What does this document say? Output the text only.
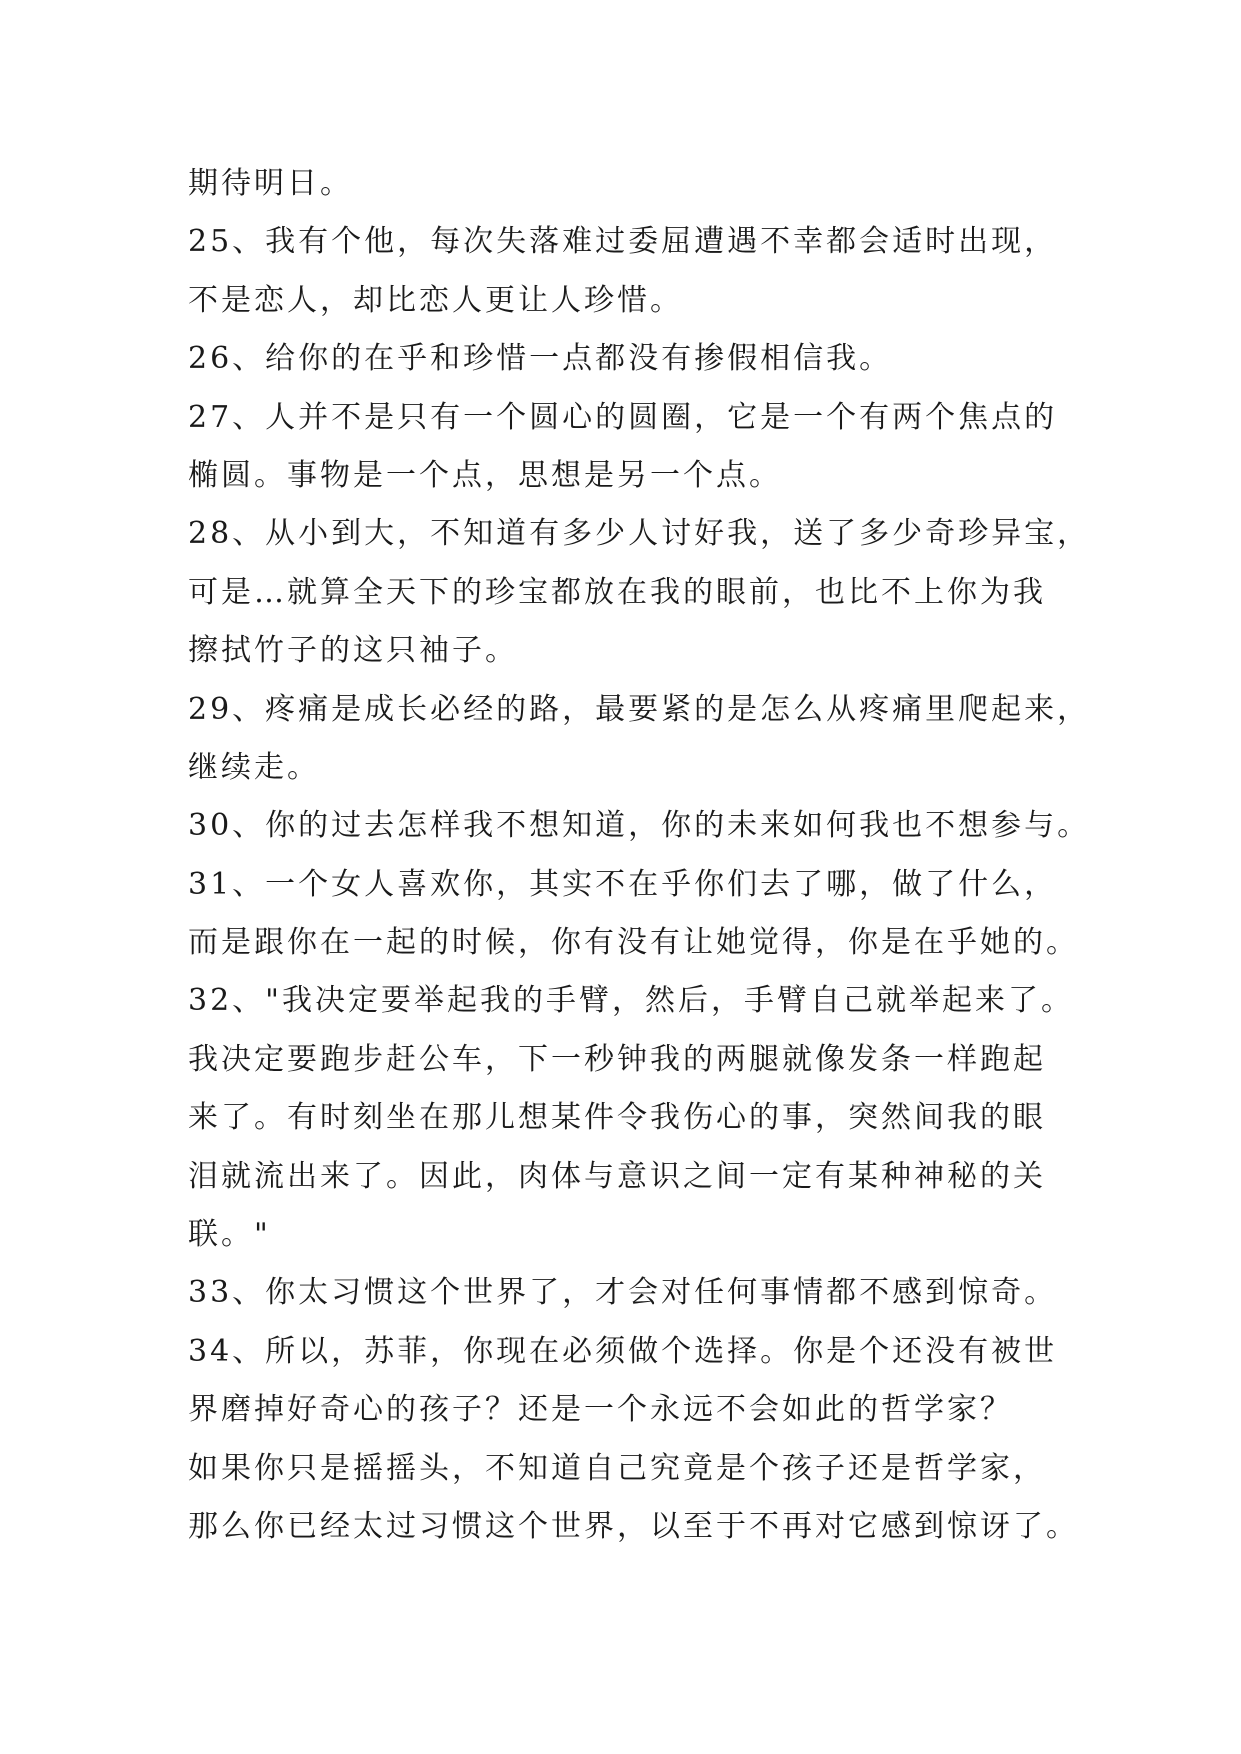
期待明日。
25、我有个他，每次失落难过委屈遭遇不幸都会适时出现，
不是恋人，却比恋人更让人珍惜。
26、给你的在乎和珍惜一点都没有掺假相信我。
27、人并不是只有一个圆心的圆圈，它是一个有两个焦点的
椭圆。事物是一个点，思想是另一个点。
28、从小到大，不知道有多少人讨好我，送了多少奇珍异宝，
可是…就算全天下的珍宝都放在我的眼前，也比不上你为我
擦拭竹子的这只袖子。
29、疼痛是成长必经的路，最要紧的是怎么从疼痛里爬起来，
继续走。
30、你的过去怎样我不想知道，你的未来如何我也不想参与。
31、一个女人喜欢你，其实不在乎你们去了哪，做了什么，
而是跟你在一起的时候，你有没有让她觉得，你是在乎她的。
32、"我决定要举起我的手臂，然后，手臂自己就举起来了。
我决定要跑步赶公车，下一秒钟我的两腿就像发条一样跑起
来了。有时刻坐在那儿想某件令我伤心的事，突然间我的眼
泪就流出来了。因此，肉体与意识之间一定有某种神秘的关
联。"
33、你太习惯这个世界了，才会对任何事情都不感到惊奇。
34、所以，苏菲，你现在必须做个选择。你是个还没有被世
界磨掉好奇心的孩子？还是一个永远不会如此的哲学家？
如果你只是摇摇头，不知道自己究竟是个孩子还是哲学家，
那么你已经太过习惯这个世界，以至于不再对它感到惊讶了。
